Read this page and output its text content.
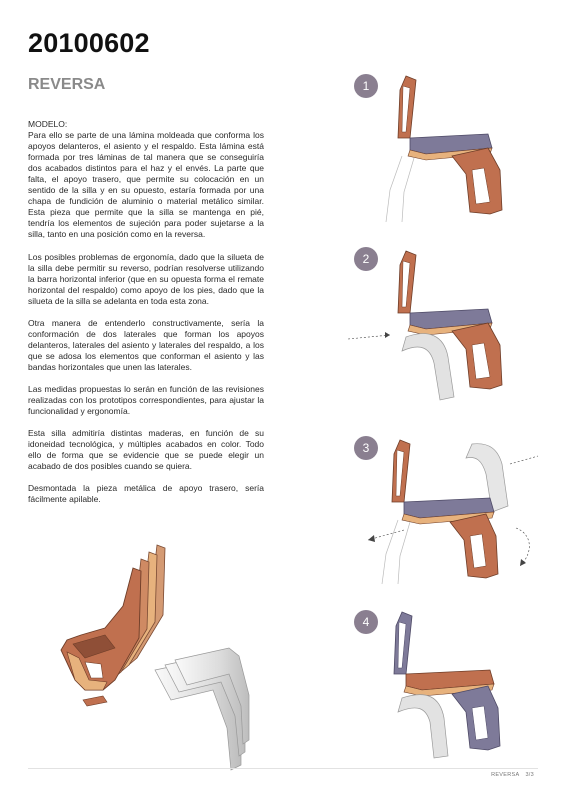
20100602
REVERSA
MODELO:

Para ello se parte de una lámina moldeada que conforma los apoyos delanteros, el asiento y el respaldo. Esta lámina está formada por tres láminas de tal manera que se conseguiría dos acabados distintos para el haz y el envés. La parte que falta, el apoyo trasero, que permite su colocación en un sentido de la silla y en su opuesto, estaría formada por una chapa de fundición de aluminio o material metálico similar. Esta pieza que permite que la silla se mantenga en pié, tendría los elementos de sujeción para poder sujetarse a la silla, tanto en una posición como en la reversa.

Los posibles problemas de ergonomía, dado que la silueta de la silla debe permitir su reverso, podrían resolverse utilizando la barra horizontal inferior (que en su opuesta forma el remate horizontal del respaldo) como apoyo de los pies, dado que la silueta de la silla se adelanta en toda esta zona.

Otra manera de entenderlo constructivamente, sería la conformación de dos laterales que forman los apoyos delanteros, laterales del asiento y laterales del respaldo, a los que se adosa los elementos que conforman el asiento y las bandas horizontales que unen las laterales.

Las medidas propuestas lo serán en función de las revisiones realizadas con los prototipos correspondientes, para ajustar la funcionalidad y ergonomía.

Esta silla admitiría distintas maderas, en función de su idoneidad tecnológica, y múltiples acabados en color. Todo ello de forma que se evidencie que se puede elegir un acabado de dos posibles cuando se quiera.

Desmontada la pieza metálica de apoyo trasero, sería fácilmente apilable.

1
2
3
4
REVERSA 3/3
